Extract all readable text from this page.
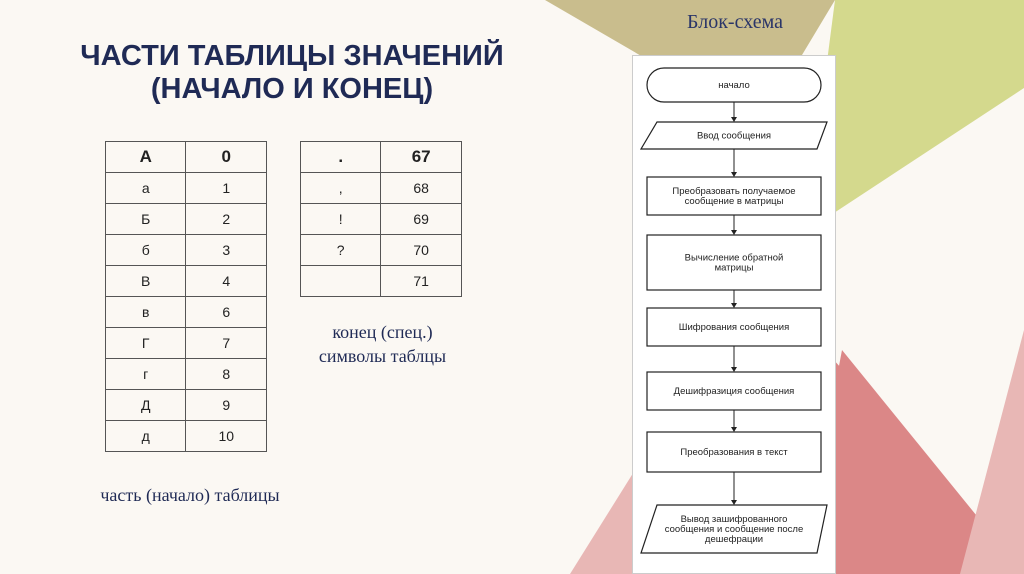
ЧАСТИ ТАБЛИЦЫ ЗНАЧЕНИЙ
(НАЧАЛО И КОНЕЦ)
А	0
а	1
Б	2
б	3
В	4
в	6
Г	7
г	8
Д	9
д	10
.	67
,	68
!	69
?	70
	71
конец (спец.)
символы таблцы
часть (начало) таблицы
Блок-схема
начало
Ввод сообщения
Преобразовать получаемое
сообщение в матрицы
Вычисление обратной
матрицы
Шифрования сообщения
Дешифразиция сообщения
Преобразования в текст
Вывод зашифрованного
сообщения и сообщение после
дешефрации
